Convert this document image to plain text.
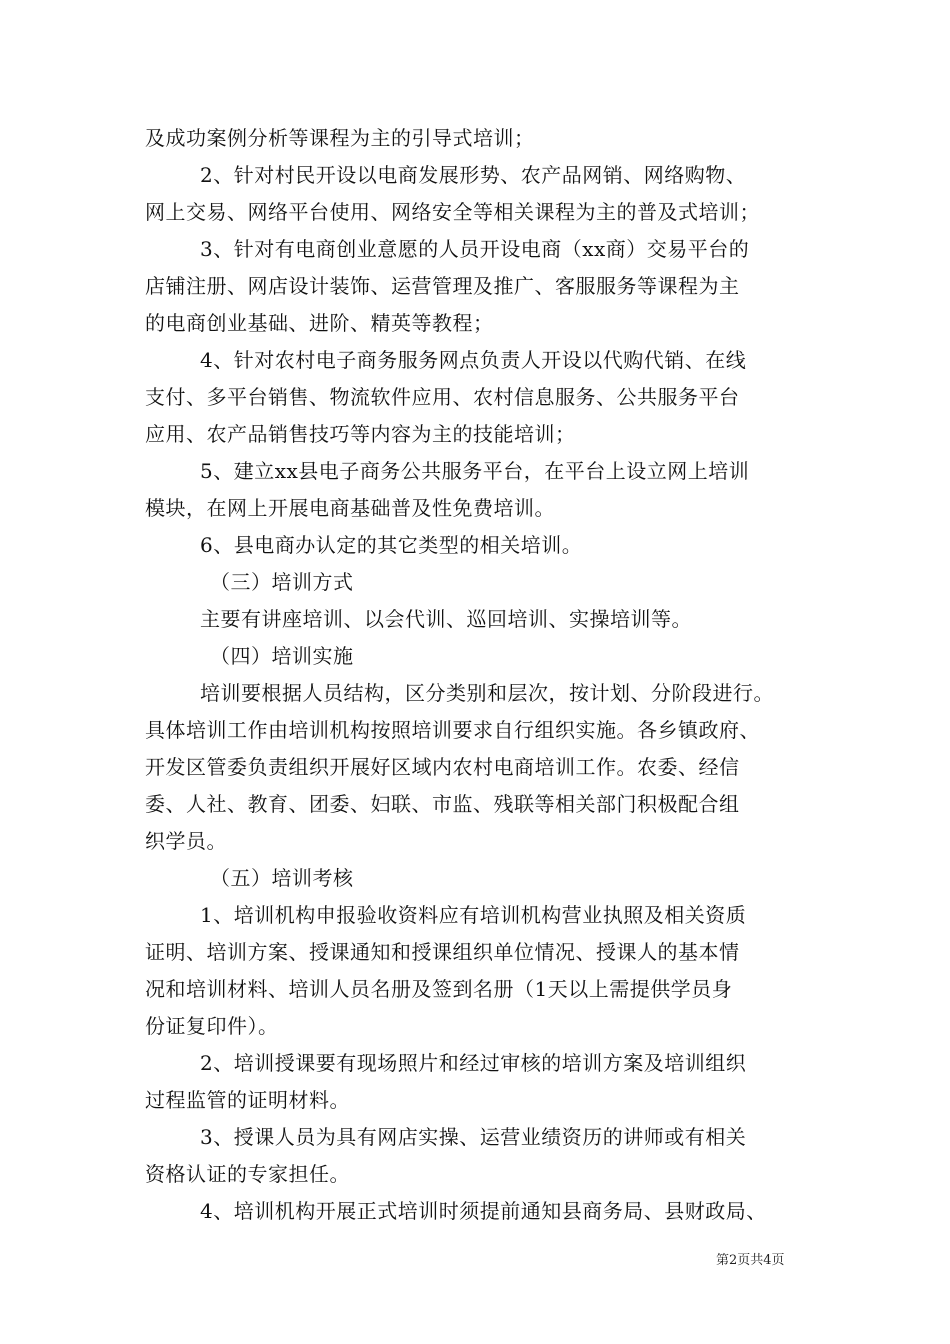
及成功案例分析等课程为主的引导式培训；
2、针对村民开设以电商发展形势、农产品网销、网络购物、
网上交易、网络平台使用、网络安全等相关课程为主的普及式培训；
3、针对有电商创业意愿的人员开设电商（xx商）交易平台的
店铺注册、网店设计装饰、运营管理及推广、客服服务等课程为主
的电商创业基础、进阶、精英等教程；
4、针对农村电子商务服务网点负责人开设以代购代销、在线
支付、多平台销售、物流软件应用、农村信息服务、公共服务平台
应用、农产品销售技巧等内容为主的技能培训；
5、建立xx县电子商务公共服务平台，在平台上设立网上培训
模块，在网上开展电商基础普及性免费培训。
6、县电商办认定的其它类型的相关培训。
（三）培训方式
主要有讲座培训、以会代训、巡回培训、实操培训等。
（四）培训实施
培训要根据人员结构，区分类别和层次，按计划、分阶段进行。
具体培训工作由培训机构按照培训要求自行组织实施。各乡镇政府、
开发区管委负责组织开展好区域内农村电商培训工作。农委、经信
委、人社、教育、团委、妇联、市监、残联等相关部门积极配合组
织学员。
（五）培训考核
1、培训机构申报验收资料应有培训机构营业执照及相关资质
证明、培训方案、授课通知和授课组织单位情况、授课人的基本情
况和培训材料、培训人员名册及签到名册（1天以上需提供学员身
份证复印件）。
2、培训授课要有现场照片和经过审核的培训方案及培训组织
过程监管的证明材料。
3、授课人员为具有网店实操、运营业绩资历的讲师或有相关
资格认证的专家担任。
4、培训机构开展正式培训时须提前通知县商务局、县财政局、
第2页共4页
